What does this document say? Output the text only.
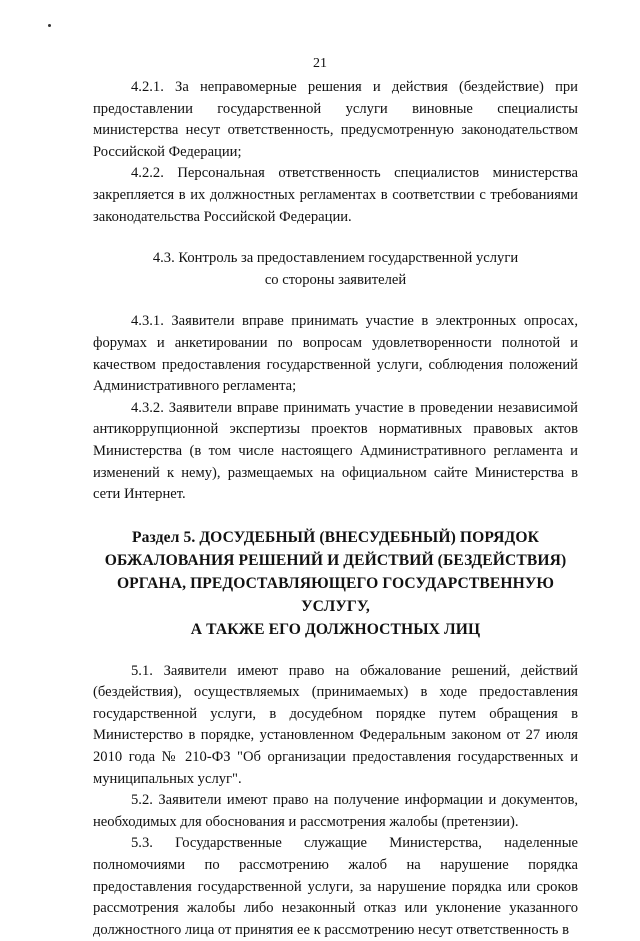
21

4.2.1. За неправомерные решения и действия (бездействие) при предоставлении государственной услуги виновные специалисты министерства несут ответственность, предусмотренную законодательством Российской Федерации;

4.2.2. Персональная ответственность специалистов министерства закрепляется в их должностных регламентах в соответствии с требованиями законодательства Российской Федерации.

4.3. Контроль за предоставлением государственной услуги
со стороны заявителей

4.3.1. Заявители вправе принимать участие в электронных опросах, форумах и анкетировании по вопросам удовлетворенности полнотой и качеством предоставления государственной услуги, соблюдения положений Административного регламента;

4.3.2. Заявители вправе принимать участие в проведении независимой антикоррупционной экспертизы проектов нормативных правовых актов Министерства (в том числе настоящего Административного регламента и изменений к нему), размещаемых на официальном сайте Министерства в сети Интернет.

Раздел 5. ДОСУДЕБНЫЙ (ВНЕСУДЕБНЫЙ) ПОРЯДОК
ОБЖАЛОВАНИЯ РЕШЕНИЙ И ДЕЙСТВИЙ (БЕЗДЕЙСТВИЯ)
ОРГАНА, ПРЕДОСТАВЛЯЮЩЕГО ГОСУДАРСТВЕННУЮ УСЛУГУ,
А ТАКЖЕ ЕГО ДОЛЖНОСТНЫХ ЛИЦ

5.1. Заявители имеют право на обжалование решений, действий (бездействия), осуществляемых (принимаемых) в ходе предоставления государственной услуги, в досудебном порядке путем обращения в Министерство в порядке, установленном Федеральным законом от 27 июля 2010 года № 210-ФЗ "Об организации предоставления государственных и муниципальных услуг".

5.2. Заявители имеют право на получение информации и документов, необходимых для обоснования и рассмотрения жалобы (претензии).

5.3. Государственные служащие Министерства, наделенные полномочиями по рассмотрению жалоб на нарушение порядка предоставления государственной услуги, за нарушение порядка или сроков рассмотрения жалобы либо незаконный отказ или уклонение указанного должностного лица от принятия ее к рассмотрению несут ответственность в
